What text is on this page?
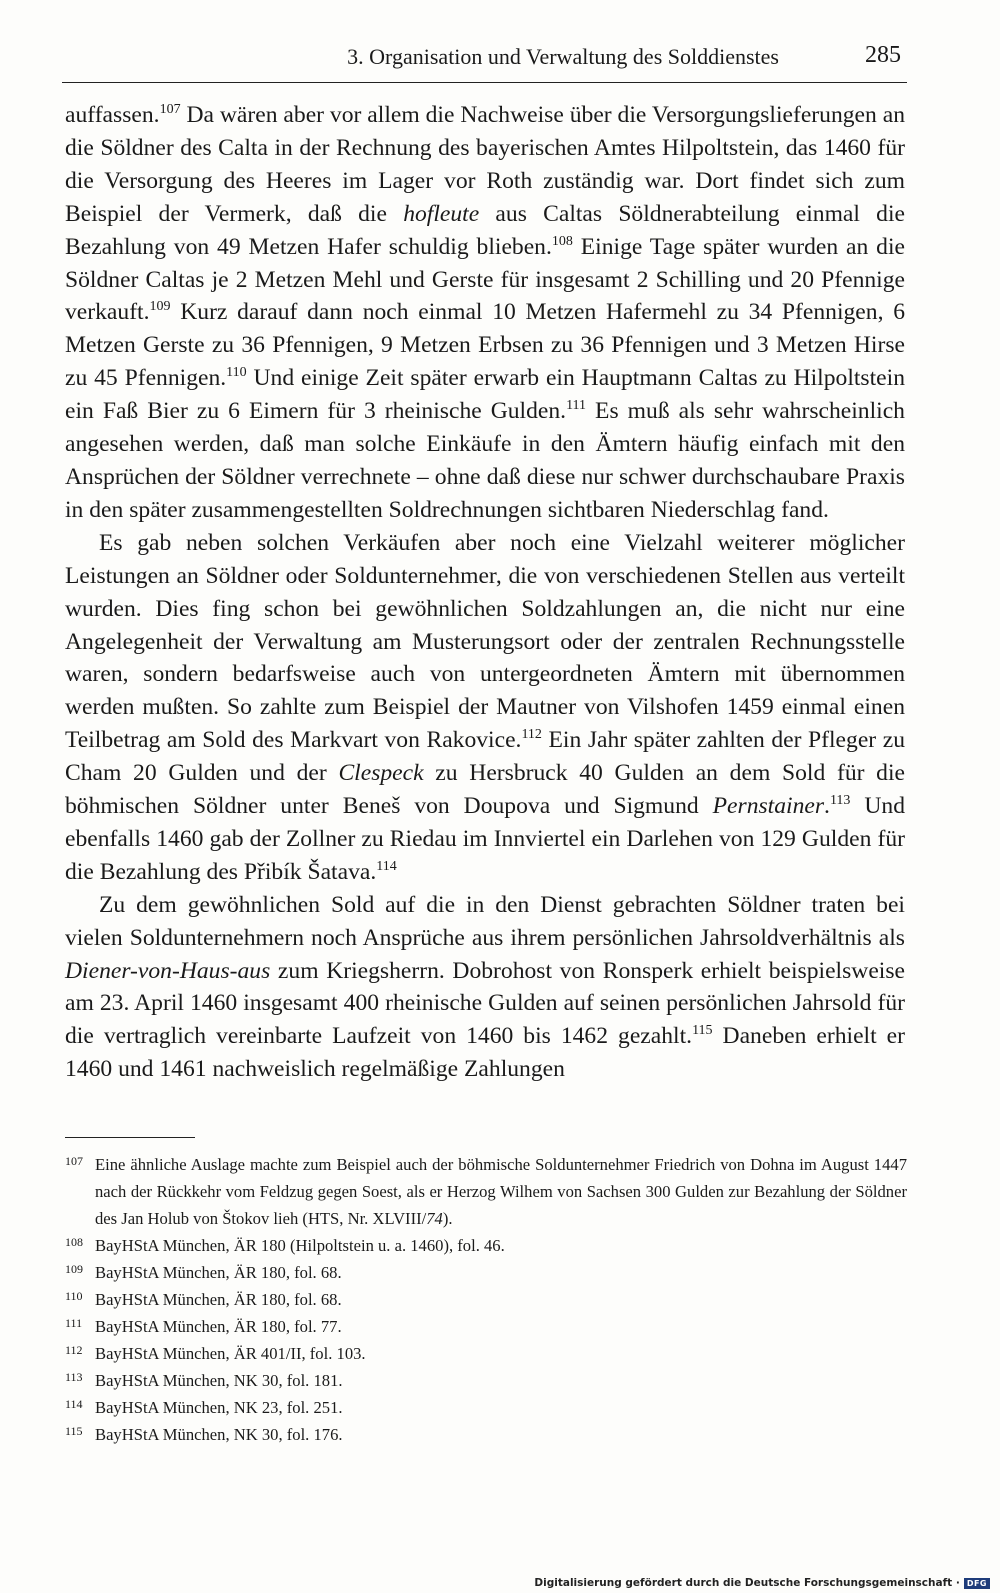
3. Organisation und Verwaltung des Solddienstes	285

auffassen.$^{107}$ Da wären aber vor allem die Nachweise über die Versorgungslieferungen an die Söldner des Calta in der Rechnung des bayerischen Amtes Hilpoltstein, das 1460 für die Versorgung des Heeres im Lager vor Roth zuständig war. Dort findet sich zum Beispiel der Vermerk, daß die hofleute aus Caltas Söldnerabteilung einmal die Bezahlung von 49 Metzen Hafer schuldig blieben.$^{108}$ Einige Tage später wurden an die Söldner Caltas je 2 Metzen Mehl und Gerste für insgesamt 2 Schilling und 20 Pfennige verkauft.$^{109}$ Kurz darauf dann noch einmal 10 Metzen Hafermehl zu 34 Pfennigen, 6 Metzen Gerste zu 36 Pfennigen, 9 Metzen Erbsen zu 36 Pfennigen und 3 Metzen Hirse zu 45 Pfennigen.$^{110}$ Und einige Zeit später erwarb ein Hauptmann Caltas zu Hilpoltstein ein Faß Bier zu 6 Eimern für 3 rheinische Gulden.$^{111}$ Es muß als sehr wahrscheinlich angesehen werden, daß man solche Einkäufe in den Ämtern häufig einfach mit den Ansprüchen der Söldner verrechnete – ohne daß diese nur schwer durchschaubare Praxis in den später zusammengestellten Soldrechnungen sichtbaren Niederschlag fand.

Es gab neben solchen Verkäufen aber noch eine Vielzahl weiterer möglicher Leistungen an Söldner oder Soldunternehmer, die von verschiedenen Stellen aus verteilt wurden. Dies fing schon bei gewöhnlichen Soldzahlungen an, die nicht nur eine Angelegenheit der Verwaltung am Musterungsort oder der zentralen Rechnungsstelle waren, sondern bedarfsweise auch von untergeordneten Ämtern mit übernommen werden mußten. So zahlte zum Beispiel der Mautner von Vilshofen 1459 einmal einen Teilbetrag am Sold des Markvart von Rakovice.$^{112}$ Ein Jahr später zahlten der Pfleger zu Cham 20 Gulden und der Clespeck zu Hersbruck 40 Gulden an dem Sold für die böhmischen Söldner unter Beneš von Doupova und Sigmund Pernstainer.$^{113}$ Und ebenfalls 1460 gab der Zollner zu Riedau im Innviertel ein Darlehen von 129 Gulden für die Bezahlung des Přibík Šatava.$^{114}$

Zu dem gewöhnlichen Sold auf die in den Dienst gebrachten Söldner traten bei vielen Soldunternehmern noch Ansprüche aus ihrem persönlichen Jahrsoldverhältnis als Diener-von-Haus-aus zum Kriegsherrn. Dobrohost von Ronsperk erhielt beispielsweise am 23. April 1460 insgesamt 400 rheinische Gulden auf seinen persönlichen Jahrsold für die vertraglich vereinbarte Laufzeit von 1460 bis 1462 gezahlt.$^{115}$ Daneben erhielt er 1460 und 1461 nachweislich regelmäßige Zahlungen

107 Eine ähnliche Auslage machte zum Beispiel auch der böhmische Soldunternehmer Friedrich von Dohna im August 1447 nach der Rückkehr vom Feldzug gegen Soest, als er Herzog Wilhem von Sachsen 300 Gulden zur Bezahlung der Söldner des Jan Holub von Štokov lieh (HTS, Nr. XLVIII/74).
108 BayHStA München, ÄR 180 (Hilpoltstein u. a. 1460), fol. 46.
109 BayHStA München, ÄR 180, fol. 68.
110 BayHStA München, ÄR 180, fol. 68.
111 BayHStA München, ÄR 180, fol. 77.
112 BayHStA München, ÄR 401/II, fol. 103.
113 BayHStA München, NK 30, fol. 181.
114 BayHStA München, NK 23, fol. 251.
115 BayHStA München, NK 30, fol. 176.
Digitalisierung gefördert durch die Deutsche Forschungsgemeinschaft · DFG
